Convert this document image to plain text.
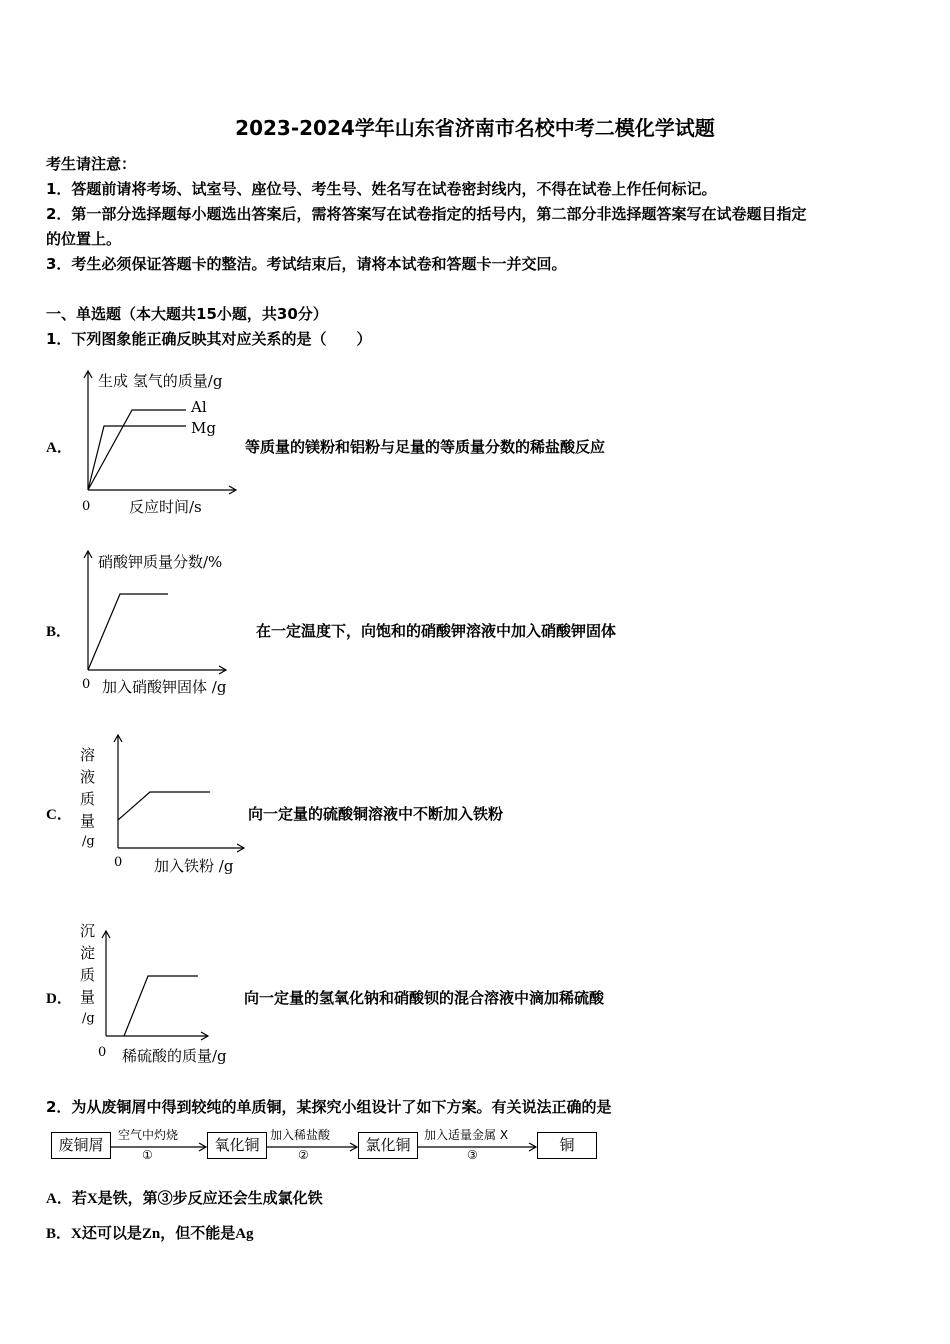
2023-2024学年山东省济南市名校中考二模化学试题
考生请注意：
1．答题前请将考场、试室号、座位号、考生号、姓名写在试卷密封线内，不得在试卷上作任何标记。
2．第一部分选择题每小题选出答案后，需将答案写在试卷指定的括号内，第二部分非选择题答案写在试卷题目指定
的位置上。
3．考生必须保证答题卡的整洁。考试结束后，请将本试卷和答题卡一并交回。
一、单选题（本大题共15小题，共30分）
1．下列图象能正确反映其对应关系的是（　　）
A．
生成 氢气的质量/g
Al
Mg
0	反应时间/s
等质量的镁粉和铝粉与足量的等质量分数的稀盐酸反应
B．
硝酸钾质量分数/%
0 加入硝酸钾固体 /g
在一定温度下，向饱和的硝酸钾溶液中加入硝酸钾固体
C．
溶
液
质
量
/g
0 加入铁粉 /g
向一定量的硫酸铜溶液中不断加入铁粉
D．
沉
淀
质
量
/g
0 稀硫酸的质量/g
向一定量的氢氧化钠和硝酸钡的混合溶液中滴加稀硫酸
2．为从废铜屑中得到较纯的单质铜，某探究小组设计了如下方案。有关说法正确的是
废铜屑	氧化铜	氯化铜	铜
空气中灼烧
①
加入稀盐酸
②
加入适量金属 X
③
A．若X是铁，第③步反应还会生成氯化铁
B．X还可以是Zn，但不能是Ag
